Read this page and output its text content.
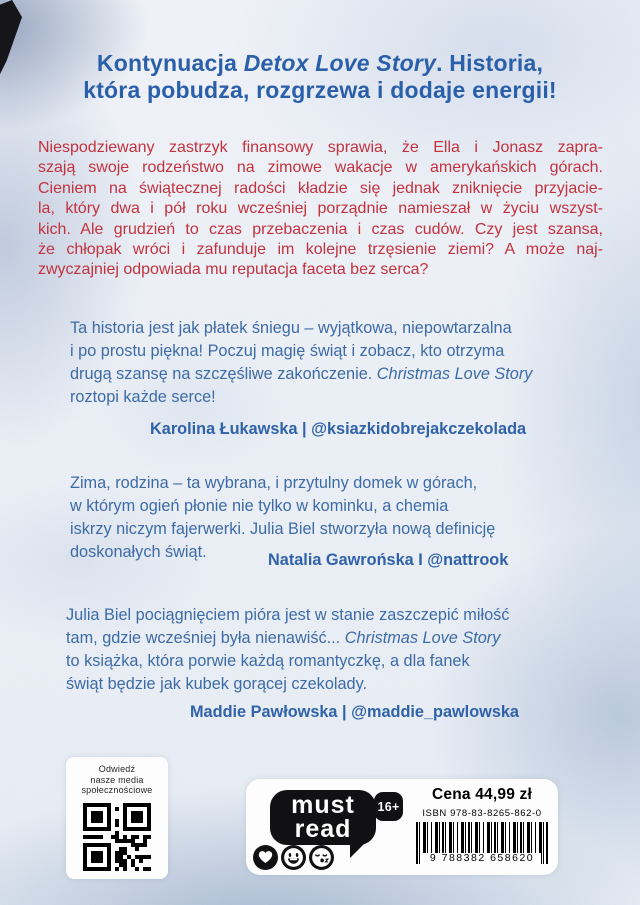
Kontynuacja Detox Love Story. Historia,
która pobudza, rozgrzewa i dodaje energii!
Niespodziewany zastrzyk finansowy sprawia, że Ella i Jonasz zapra-
szają swoje rodzeństwo na zimowe wakacje w amerykańskich górach.
Cieniem na świątecznej radości kładzie się jednak zniknięcie przyjacie-
la, który dwa i pół roku wcześniej porządnie namieszał w życiu wszyst-
kich. Ale grudzień to czas przebaczenia i czas cudów. Czy jest szansa,
że chłopak wróci i zafunduje im kolejne trzęsienie ziemi? A może naj-
zwyczajniej odpowiada mu reputacja faceta bez serca?
Ta historia jest jak płatek śniegu – wyjątkowa, niepowtarzalna
i po prostu piękna! Poczuj magię świąt i zobacz, kto otrzyma
drugą szansę na szczęśliwe zakończenie. Christmas Love Story
roztopi każde serce!
Karolina Łukawska | @ksiazkidobrejakczekolada
Zima, rodzina – ta wybrana, i przytulny domek w górach,
w którym ogień płonie nie tylko w kominku, a chemia
iskrzy niczym fajerwerki. Julia Biel stworzyła nową definicję
doskonałych świąt.	Natalia Gawrońska I @nattrook
Julia Biel pociągnięciem pióra jest w stanie zaszczepić miłość
tam, gdzie wcześniej była nienawiść... Christmas Love Story
to książka, która porwie każdą romantyczkę, a dla fanek
świąt będzie jak kubek gorącej czekolady.
Maddie Pawłowska | @maddie_pawlowska
Odwiedź
nasze media
społecznościowe
must
read
16+
Cena 44,99 zł
ISBN 978-83-8265-862-0
9 788382 658620
